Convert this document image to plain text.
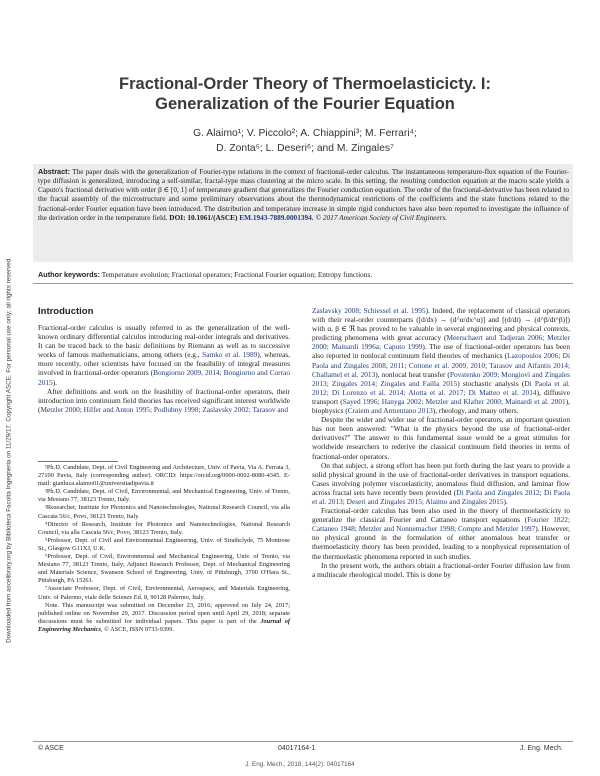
Downloaded from ascelibrary.org by Biblioteca Facolta Ingegneria on 11/29/17. Copyright ASCE. For personal use only; all rights reserved.
Fractional-Order Theory of Thermoelasticicty. I:
Generalization of the Fourier Equation
G. Alaimo¹; V. Piccolo²; A. Chiappini³; M. Ferrari⁴;
D. Zonta⁵; L. Deseri⁶; and M. Zingales⁷
Abstract: The paper deals with the generalization of Fourier-type relations in the context of fractional-order calculus. The instantaneous temperature-flux equation of the Fourier-type diffusion is generalized, introducing a self-similar, fractal-type mass clustering at the micro scale. In this setting, the resulting conduction equation at the macro scale yields a Caputo's fractional derivative with order β ∈ [0, 1] of temperature gradient that generalizes the Fourier conduction equation. The order of the fractional-derivative has been related to the fractal assembly of the microstructure and some preliminary observations about the thermodynamical restrictions of the coefficients and the state functions related to the fractional-order Fourier equation have been introduced. The distribution and temperature increase in simple rigid conductors have also been reported to investigate the influence of the derivation order in the temperature field. DOI: 10.1061/(ASCE) EM.1943-7889.0001394. © 2017 American Society of Civil Engineers.
Author keywords: Temperature evolution; Fractional operators; Fractional Fourier equation; Entropy functions.
Introduction

Fractional-order calculus is usually referred to as the generalization of the well-known ordinary differential calculus introducing real-order integrals and derivatives. It can be traced back to the basic definitions by Riemann as well as to successive works of famous mathematicians, among others (e.g., Samko et al. 1989), whereas, more recently, other scientists have focused on the feasibility of integral measures involved in fractional-order operators (Bongiorno 2009, 2014; Bongiorno and Corrao 2015).

After definitions and work on the feasibility of fractional-order operators, their introduction into continuum field theories has received significant interest worldwide (Metzler 2000; Hilfer and Anton 1995; Podlubny 1998; Zaslavsky 2002; Tarasov and

¹Ph.D. Candidate, Dept. of Civil Engineering and Architecture, Univ. of Pavia, Via A. Ferrata 3, 27100 Pavia, Italy (corresponding author). ORCID: https://orcid.org/0000-0002-8080-4345. E-mail: gianluca.alaimo01@universitadipavia.it

²Ph.D. Candidate, Dept. of Civil, Environmental, and Mechanical Engineering, Univ. of Trento, via Mesiano 77, 38123 Trento, Italy.

³Researcher, Institute for Photonics and Nanotechnologies, National Research Council, via alla Cascata 56/c, Povo, 38123 Trento, Italy.

⁴Director of Research, Institute for Photonics and Nanotechnologies, National Research Council, via alla Cascata 56/c, Povo, 38123 Trento, Italy.

⁵Professor, Dept. of Civil and Environmental Engineering, Univ. of Strathclyde, 75 Montrose St., Glasgow G11XJ, U.K.

⁶Professor, Dept. of Civil, Environmental and Mechanical Engineering, Univ. of Trento, via Mesiano 77, 38123 Trento, Italy; Adjunct Research Professor, Dept. of Mechanical Engineering and Materials Science, Swanson School of Engineering, Univ. of Pittsburgh, 3700 O'Hara St., Pittsburgh, PA 15261.

⁷Associate Professor, Dept. of Civil, Environmental, Aerospace, and Materials Engineering, Univ. of Palermo, viale delle Scienze Ed. 8, 90128 Palermo, Italy.

Note. This manuscript was submitted on December 23, 2016; approved on July 24, 2017; published online on November 29, 2017. Discussion period open until April 29, 2018; separate discussions must be submitted for individual papers. This paper is part of the Journal of Engineering Mechanics, © ASCE, ISSN 0733-9399.

Zaslavsky 2008; Schiessel et al. 1995). Indeed, the replacement of classical operators with their real-order counterparts ([d/dx) → (d^α/dx^α)] and [(d/dt) → (d^β/dt^β)]) with α, β ∈ ℜ has proved to be valuable in several engineering and physical contexts, predicting phenomena with great accuracy (Meerschaert and Tadjeran 2006; Metzler 2000; Mainardi 1996a; Caputo 1999). The use of fractional-order operators has been also reported in nonlocal continuum field theories of mechanics (Lazopoulos 2006; Di Paola and Zingales 2008, 2011; Cottone et al. 2009, 2010; Tarasov and Aifantis 2014; Challamel et al. 2013), nonlocal heat transfer (Povstenko 2009; Mongiovì and Zingales 2013; Zingales 2014; Zingales and Failla 2015) stochastic analysis (Di Paola et al. 2012; Di Lorenzo et al. 2014; Alotta et al. 2017; Di Matteo et al. 2014), diffusive transport (Sayed 1996; Hanyga 2002; Metzler and Klafter 2000; Mainardi et al. 2001), biophysics (Craiem and Armentano 2013), rheology, and many others.

Despite the wider and wider use of fractional-order operators, an important question has not been answered: "What is the physics beyond the use of fractional-order derivatives?" The answer to this fundamental issue would be a great stimulus for worldwide researchers to rederive the classical continuum field theories in terms of fractional-order operators.

On that subject, a strong effort has been put forth during the last years to provide a solid physical ground in the use of fractional-order derivatives in transport equations. Cases involving polymer viscoelasticity, anomalous fluid diffusion, and laminar flow across fractal sets have recently been provided (Di Paola and Zingales 2012; Di Paola et al. 2013; Deseri and Zingales 2015; Alaimo and Zingales 2015).

Fractional-order calculus has been also used in the theory of thermoelasticicty to generalize the classical Fourier and Cattaneo transport equations (Fourier 1822; Cattaneo 1948; Metzler and Nonnemacher 1998; Compte and Metzler 1997). However, no physical ground in the formulation of either anomalous heat transfer or thermoelasticity theory has been provided, leading to a nonphysical representation of the thermoelastic phenomena reported in such studies.

In the present work, the authors obtain a fractional-order Fourier diffusion law from a multiscale rheological model. This is done by

© ASCE	04017164-1	J. Eng. Mech.
J. Eng. Mech., 2018, 144(2): 04017164
